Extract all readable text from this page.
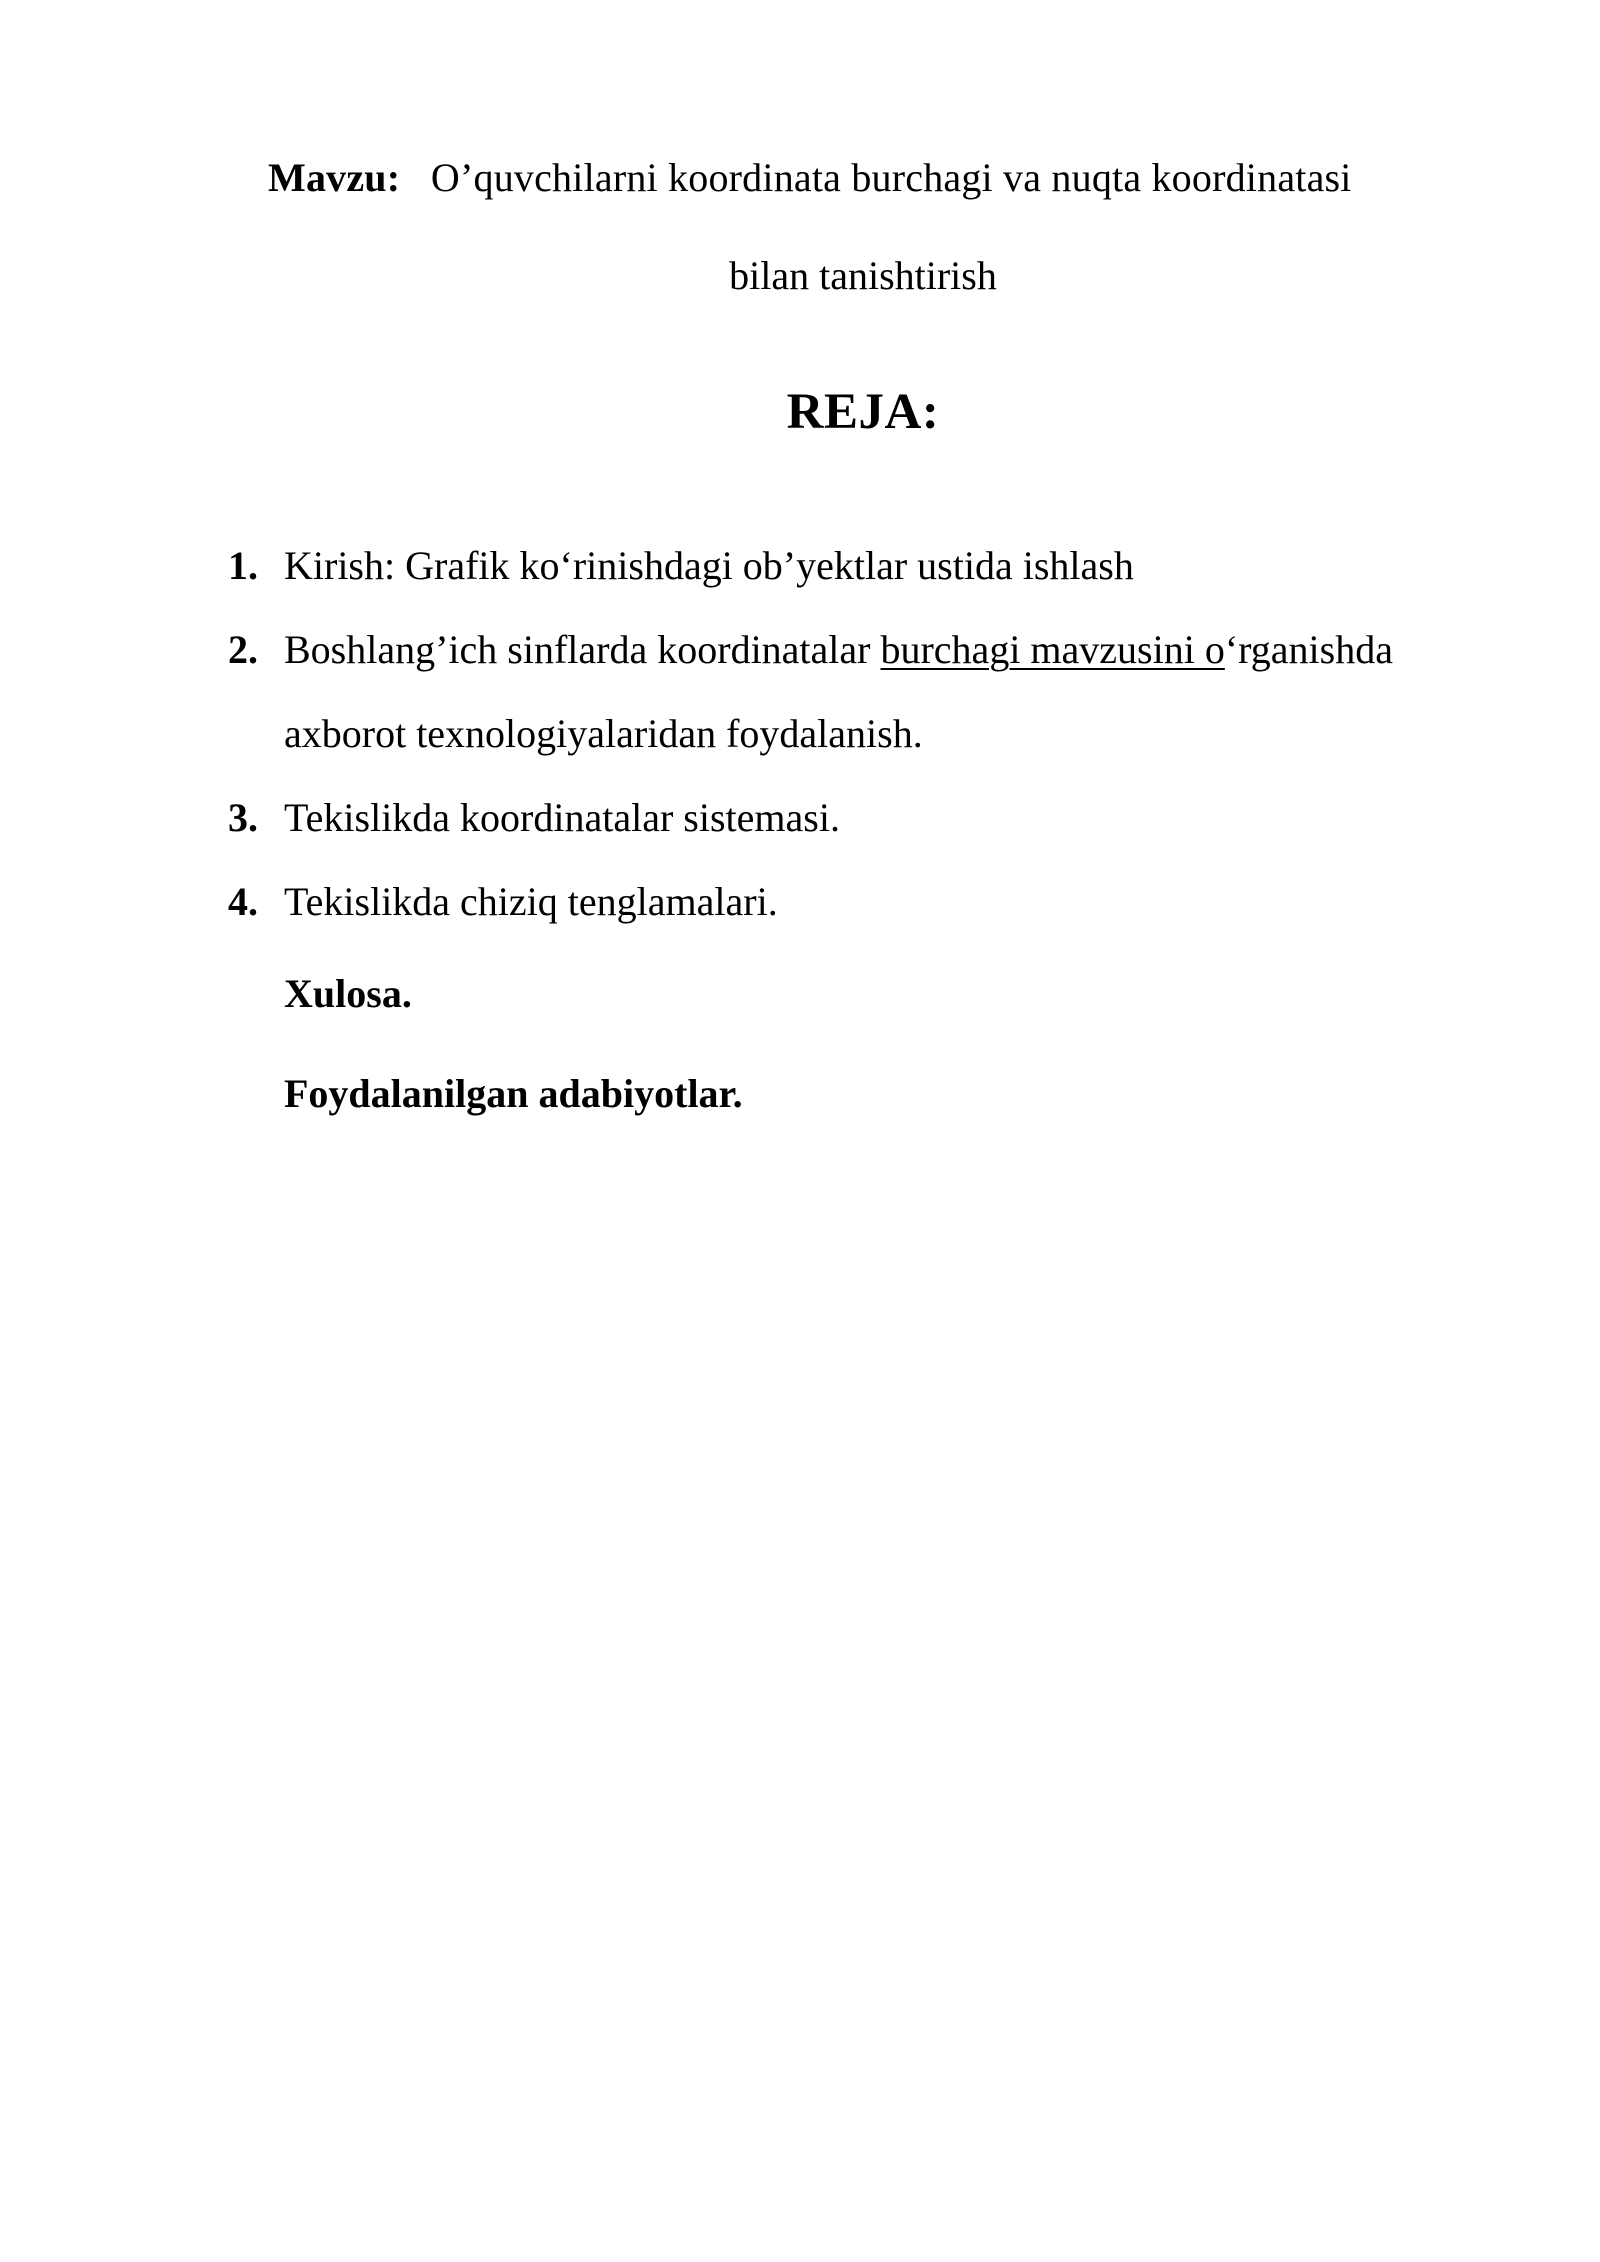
Mavzu: O’quvchilarni koordinata burchagi va nuqta koordinatasi
bilan tanishtirish
REJA:
1. Kirish: Grafik ko‘rinishdagi ob’yektlar ustida ishlash
2. Boshlang’ich sinflarda koordinatalar burchagi mavzusini o‘rganishda
axborot texnologiyalaridan foydalanish.
3. Tekislikda koordinatalar sistemasi.
4. Tekislikda chiziq tenglamalari.
Xulosa.
Foydalanilgan adabiyotlar.
